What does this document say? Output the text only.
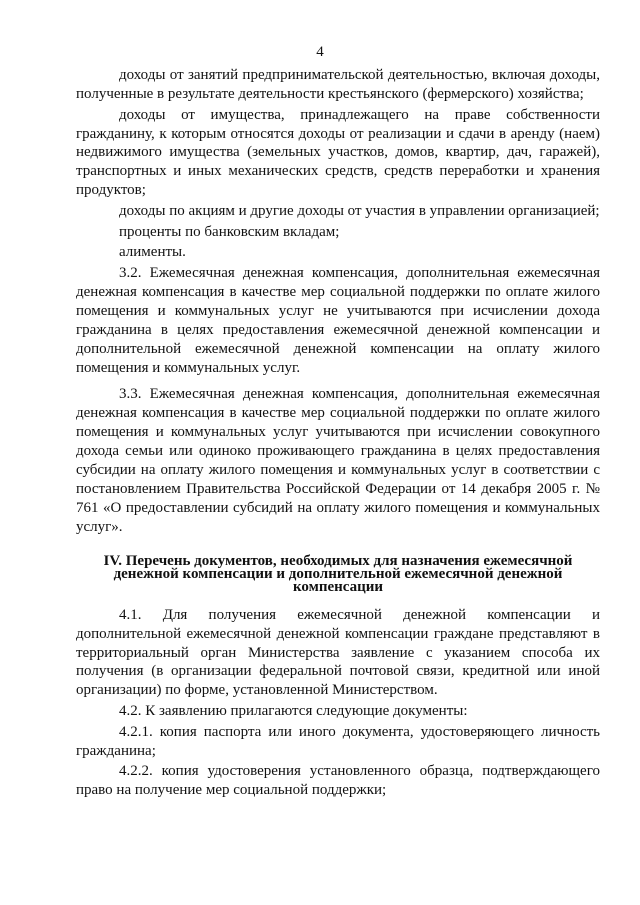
4

доходы от занятий предпринимательской деятельностью, включая доходы, полученные в результате деятельности крестьянского (фермерского) хозяйства;

доходы от имущества, принадлежащего на праве собственности гражданину, к которым относятся доходы от реализации и сдачи в аренду (наем) недвижимого имущества (земельных участков, домов, квартир, дач, гаражей), транспортных и иных механических средств, средств переработки и хранения продуктов;

доходы по акциям и другие доходы от участия в управлении организацией;

проценты по банковским вкладам;

алименты.

3.2. Ежемесячная денежная компенсация, дополнительная ежемесячная денежная компенсация в качестве мер социальной поддержки по оплате жилого помещения и коммунальных услуг не учитываются при исчислении дохода гражданина в целях предоставления ежемесячной денежной компенсации и дополнительной ежемесячной денежной компенсации на оплату жилого помещения и коммунальных услуг.

3.3. Ежемесячная денежная компенсация, дополнительная ежемесячная денежная компенсация в качестве мер социальной поддержки по оплате жилого помещения и коммунальных услуг учитываются при исчислении совокупного дохода семьи или одиноко проживающего гражданина в целях предоставления субсидии на оплату жилого помещения и коммунальных услуг в соответствии с постановлением Правительства Российской Федерации от 14 декабря 2005 г. № 761 «О предоставлении субсидий на оплату жилого помещения и коммунальных услуг».

IV. Перечень документов, необходимых для назначения ежемесячной

денежной компенсации и дополнительной ежемесячной денежной

компенсации

4.1. Для получения ежемесячной денежной компенсации и дополнительной ежемесячной денежной компенсации граждане представляют в территориальный орган Министерства заявление с указанием способа их получения (в организации федеральной почтовой связи, кредитной или иной организации) по форме, установленной Министерством.

4.2. К заявлению прилагаются следующие документы:

4.2.1. копия паспорта или иного документа, удостоверяющего личность гражданина;

4.2.2. копия удостоверения установленного образца, подтверждающего право на получение мер социальной поддержки;
